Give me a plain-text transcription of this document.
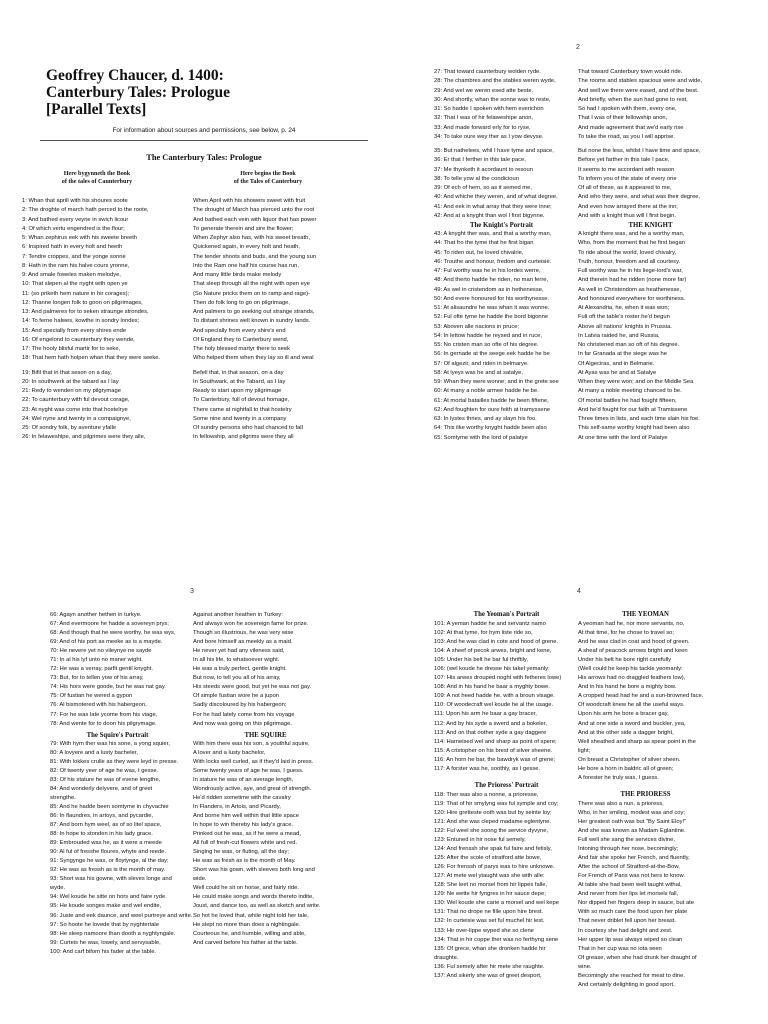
Geoffrey Chaucer, d. 1400:
Canterbury Tales: Prologue
[Parallel Texts]
For information about sources and permissions, see below, p. 24
The Canterbury Tales: Prologue
Here bygynneth the Book
of the tales of Caunterbury
1: Whan that aprill with his shoures soote
2: The droghte of march hath perced to the roote,
3: And bathed every veyne in swich licour
4: Of which vertu engendred is the flour;
5: Whan zephirus eek with his sweete breeth
6: Inspired hath in every holt and heeth
7: Tendre croppes, and the yonge sonne
8: Hath in the ram his halve cours yronne,
9: And smale foweles maken melodye,
10: That slepen al the nyght with open ye
11: (so priketh hem nature in hir corages);
12: Thanne longen folk to goon on pilgrimages,
13: And palmeres for to seken straunge strondes,
14: To ferne halwes, kowthe in sondry londes;
15: And specially from every shires ende
16: Of engelond to caunterbury they wende,
17: The hooly blisful martir for to seke,
18: That hem hath holpen whan that they were seeke.
19: Bifil that in that seson on a day,
20: In southwerk at the tabard as I lay
21: Redy to wenden on my pilgrymage
22: To caunterbury with ful devout corage,
23: At nyght was come into that hostelrye
24: Wel nyne and twenty in a compaignye,
25: Of sondry folk, by aventure yfalle
26: In felaweshipe, and pilgrimes were they alle,
Here begins the Book
of the Tales of Canterbury
When April with his showers sweet with fruit
The drought of March has pierced unto the root
And bathed each vein with liquor that has power
To generate therein and sire the flower;
When Zephyr also has, with his sweet breath,
Quickened again, in every holt and heath,
The tender shoots and buds, and the young sun
Into the Ram one half his course has run,
And many little birds make melody
That sleep through all the night with open eye
(So Nature pricks them on to ramp and rage)-
Then do folk long to go on pilgrimage,
And palmers to go seeking out strange strands,
To distant shrines well known in sundry lands.
And specially from every shire's end
Of England they to Canterbury wend,
The holy blessed martyr there to seek
Who helped them when they lay so ill and weal
Befell that, in that season, on a day
In Southwark, at the Tabard, as I lay
Ready to start upon my pilgrimage
To Canterbury, full of devout homage,
There came at nightfall to that hostelry
Some nine and twenty in a company
Of sundry persons who had chanced to fall
In fellowship, and pilgrims were they all
2
27: That toward caunterbury wolden ryde.
28: The chambres and the stables weren wyde,
29: And wel we weren esed atte beste.
30: And shortly, whan the sonne was to reste,
31: So hadde I spoken with hem everichon
32: That I was of hir felaweshipe anon,
33: And made forward erly for to ryse,
34: To take oure wey ther as I yow devyse.
35: But nathelees, whil I have tyme and space,
36: Er that I ferther in this tale pace,
37: Me thynketh it acordaunt to resoun
38: To telle yow al the condicioun
39: Of ech of hem, so as it semed me,
40: And whiche they weren, and of what degree,
41: And eek in what array that they were inne;
42: And at a knyght than wol I first bigynne.
The Knight's Portrait
43: A knyght ther was, and that a worthy man,
44: That fro the tyme that he first bigan
45: To riden out, he loved chivalrie,
46: Trouthe and honour, fredom and curteisie.
47: Ful worthy was he in his lordes werre,
48: And therto hadde he riden, no man ferre,
49: As wel in cristendom as in hethenesse,
50: And evere honoured for his worthynesse.
51: At alisaundre he was whan it was wonne.
52: Ful ofte tyme he hadde the bord bigonne
53: Aboven alle nacions in pruce;
54: In lettow hadde he reysed and in ruce,
55: No cristen man so ofte of his degree.
56: In gernade at the seege eek hadde he be
57: Of algezir, and riden in belmarye.
58: At lyeys was he and at satalye,
59: Whan they were wonne; and in the grete see
60: At many a noble armee hadde he be.
61: At mortal batailles hadde he been fiftene,
62: And foughten for oure feith at tramyssene
63: In lystes thries, and ay slayn his foo.
64: This ilke worthy knyght hadde been also
65: Somtyme with the lord of palatye
That toward Canterbury town would ride.
The rooms and stables spacious were and wide,
And well we there were eased, and of the best.
And briefly, when the sun had gone to rest,
So had I spoken with them, every one,
That I was of their fellowship anon,
And made agreement that we'd early rise
To take the road, as you I will apprise.
But none the less, whilst I have time and space,
Before yet farther in this tale I pace,
It seems to me accordant with reason
To inform you of the state of every one
Of all of these, as it appeared to me,
And who they were, and what was their degree,
And even how arrayed there at the inn;
And with a knight thus will I first begin.
THE KNIGHT
A knight there was, and he a worthy man,
Who, from the moment that he first began
To ride about the world, loved chivalry,
Truth, honour, freedom and all courtesy.
Full worthy was he in his liege-lord's war,
And therein had he ridden (none more far)
As well in Christendom as heathenesse,
And honoured everywhere for worthiness.
At Alexandria, he, when it was won;
Full oft the table's roster he'd begun
Above all nations' knights in Prussia.
In Latvia raided he, and Russia,
No christened man so oft of his degree.
In far Granada at the siege was he
Of Algeciras, and in Belmarie.
At Ayas was he and at Satalye
When they were won; and on the Middle Sea
At many a noble meeting chanced to be.
Of mortal battles he had fought fifteen,
And he'd fought for our faith at Tramissene
Three times in lists, and each time slain his foe.
This self-same worthy knight had been also
At one time with the lord of Palatye
3
66: Agayn another hethen in turkye.
67: And evermoore he hadde a sovereyn prys;
68: And though that he were worthy, he was wys,
69: And of his port as meeke as is a mayde.
70: He nevere yet no vileynye ne sayde
71: In al his lyf unto no maner wight.
72: He was a verray, parfit gentil knyght.
73: But, for to tellen yow of his array,
74: His hors were goode, but he was nat gay.
75: Of fustian he wered a gypon
76: Al bismotered with his habergeon,
77: For he was late ycome from his viage,
78: And wente for to doon his pilgrymage.
The Squire's Portrait
79: With hym ther was his sone, a yong squier,
80: A lovyere and a lusty bacheler,
81: With lokkes crulle as they were leyd in presse.
82: Of twenty yeer of age he was, I gesse.
83: Of his stature he was of evene lengthe,
84: And wonderly delyvere, and of greet
strengthe.
85: And he hadde been somtyme in chyvachie
86: In flaundres, in artoys, and pycardie,
87: And born hym weel, as of so litel space,
88: In hope to stonden in his lady grace.
89: Embrouded was he, as it were a meede
90: Al ful of fresshe floures, whyte and reede.
91: Syngynge he was, or floytynge, al the day;
92: He was as fressh as is the month of may.
93: Short was his gowne, with sleves longe and
wyde.
94: Wel koude he sitte on hors and faire ryde.
95: He koude songes make and wel endite,
96: Juste and eek daunce, and weel purtreye and write.
97: So hoote he lovede that by nyghtertale
98: He sleep namoore than dooth a nyghtyngale.
99: Curteis he was, lowely, and servysable,
100: And carf biforn his fader at the table.
Against another heathen in Turkey:
And always won he sovereign fame for prize.
Though so illustrious, he was very wise
And bore himself as meekly as a maid.
He never yet had any vileness said,
In all his life, to whatsoever wight.
He was a truly perfect, gentle knight.
But now, to tell you all of his array,
His steeds were good, but yet he was not gay.
Of simple fustian wore he a jupon
Sadly discoloured by his habergeon;
For he had lately come from his voyage
And now was going on this pilgrimage.
THE SQUIRE
With him there was his son, a youthful squire,
A lover and a lusty bachelor,
With locks well curled, as if they'd laid in press.
Some twenty years of age he was, I guess.
In stature he was of an average length,
Wondrously active, aye, and great of strength.
He'd ridden sometime with the cavalry
In Flanders, in Artois, and Picardy,
And borne him well within that little space
In hope to win thereby his lady's grace.
Prinked out he was, as if he were a mead,
All full of fresh-cut flowers white and red.
Singing he was, or fluting, all the day;
He was as fresh as is the month of May.
Short was his gown, with sleeves both long and
wide.
Well could he sit on horse, and fairly ride.
He could make songs and words thereto indite,
Joust, and dance too, as well as sketch and write.
So hot he loved that, while night told her tale,
He slept no more than does a nightingale.
Courteous he, and humble, willing and able,
And carved before his father at the table.
4
The Yeoman's Portrait
101: A yeman hadde he and servantz namo
102: At that tyme, for hym liste ride so,
103: And he was clad in cote and hood of grene.
104: A sheef of pecok arwes, bright and kene,
105: Under his belt he bar ful thriftily,
106: (wel koude he dresse his takel yemanly:
107: His arwes drouped noght with fetheres lowe)
108: And in his hand he baar a myghty bowe.
109: A not heed hadde he, with a broun visage.
110: Of woodecraft wel koude he al the usage.
111: Upon his arm he baar a gay bracer,
112: And by his syde a swerd and a bokeler,
113: And on that oother syde a gay daggere
114: Harneised wel and sharp as point of spere;
115: A cristopher on his brest of silver sheene.
116: An horn he bar, the bawdryk was of grene;
117: A forster was he, soothly, as I gesse.
The Prioress' Portrait
118: Ther was also a nonne, a prioresse,
119: That of hir smylyng was ful symple and coy;
120: Hire gretteste ooth was but by seinte loy;
121: And she was cleped madame eglentyne.
122: Ful weel she soong the service dyvyne,
123: Entuned in hir nose ful semely,
124: And frenssh she spak ful faire and fetisly,
125: After the scole of stratford atte bowe,
126: For frenssh of parys was to hire unknowe.
127: At mete wel ytaught was she with alle:
128: She leet no morsel from hir lippes falle,
129: Ne wette hir fyngres in hir sauce depe;
130: Wel koude she carie a morsel and wel kepe
131: That no drope ne fille upon hire brest.
132: In curteisie was set ful muchel hir lest.
133: Hir over-lippe wyped she so clene
134: That in hir coppe ther was no ferthyng sene
135: Of grece, whan she dronken hadde hir
draughte.
136: Ful semely after hir mete she raughte.
137: And sikerly she was of greet desport,
THE YEOMAN
A yeoman had he, nor more servants, no,
At that time, for he chose to travel so;
And he was clad in coat and hood of green.
A sheaf of peacock arrows bright and keen
Under his belt he bore right carefully
(Well could he keep his tackle yeomanly:
His arrows had no draggled feathers low),
And in his hand he bore a mighty bow.
A cropped head had he and a sun-browned face.
Of woodcraft knew he all the useful ways.
Upon his arm he bore a bracer gay,
And at one side a sword and buckler, yea,
And at the other side a dagger bright,
Well sheathed and sharp as spear point in the
light;
On breast a Christopher of silver sheen.
He bore a horn in baldric all of green;
A forester he truly was, I guess.
THE PRIORESS
There was also a nun, a prioress,
Who, in her smiling, modest was and coy;
Her greatest oath was but "By Saint Eloy!"
And she was known as Madam Eglantine.
Full well she sang the services divine,
Intoning through her nose, becomingly;
And fair she spoke her French, and fluently,
After the school of Stratford-at-the-Bow,
For French of Paris was not hers to know.
At table she had been well taught withal,
And never from her lips let morsels fall,
Nor dipped her fingers deep in sauce, but ate
With so much care the food upon her plate
That never driblet fell upon her breast.
In courtesy she had delight and zest.
Her upper lip was always wiped so clean
That in her cup was no iota seen
Of grease, when she had drunk her draught of
wine.
Becomingly she reached for meat to dine.
And certainly delighting in good sport,
